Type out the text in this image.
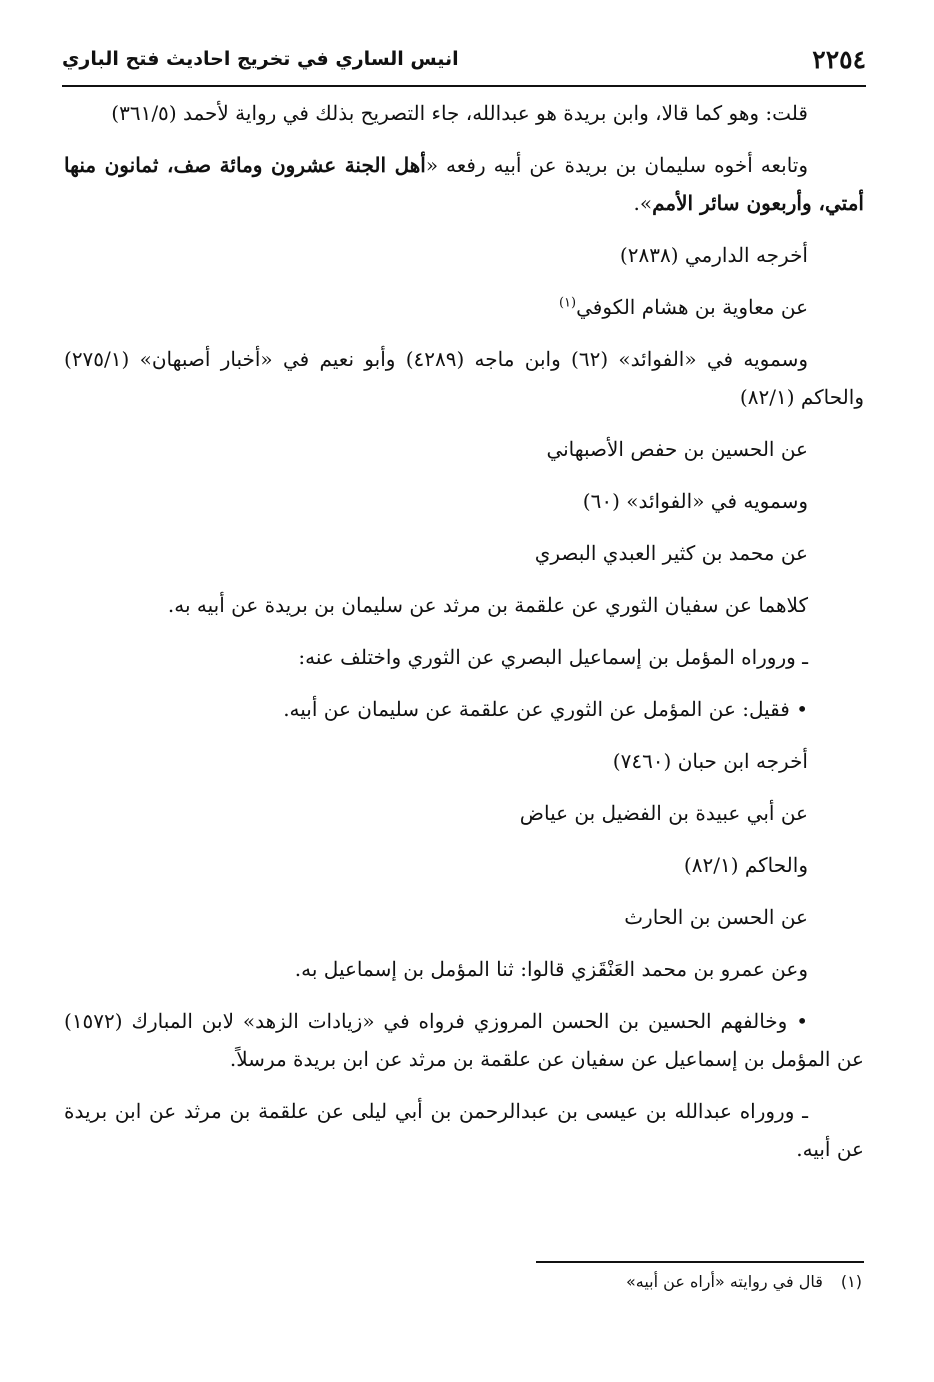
٢٢٥٤
انيس الساري في تخريج احاديث فتح الباري

قلت: وهو كما قالا، وابن بريدة هو عبدالله، جاء التصريح بذلك في رواية لأحمد (٣٦١/٥)

وتابعه أخوه سليمان بن بريدة عن أبيه رفعه «أهل الجنة عشرون ومائة صف، ثمانون منها أمتي، وأربعون سائر الأمم».

أخرجه الدارمي (٢٨٣٨)

عن معاوية بن هشام الكوفي$^{(١)}$

وسمويه في «الفوائد» (٦٢) وابن ماجه (٤٢٨٩) وأبو نعيم في «أخبار أصبهان» (٢٧٥/١) والحاكم (٨٢/١)

عن الحسين بن حفص الأصبهاني

وسمويه في «الفوائد» (٦٠)

عن محمد بن كثير العبدي البصري

كلاهما عن سفيان الثوري عن علقمة بن مرثد عن سليمان بن بريدة عن أبيه به.

ـ وروراه المؤمل بن إسماعيل البصري عن الثوري واختلف عنه:

• فقيل: عن المؤمل عن الثوري عن علقمة عن سليمان عن أبيه.

أخرجه ابن حبان (٧٤٦٠)

عن أبي عبيدة بن الفضيل بن عياض

والحاكم (٨٢/١)

عن الحسن بن الحارث

وعن عمرو بن محمد العَنْقَزي قالوا: ثنا المؤمل بن إسماعيل به.

• وخالفهم الحسين بن الحسن المروزي فرواه في «زيادات الزهد» لابن المبارك (١٥٧٢) عن المؤمل بن إسماعيل عن سفيان عن علقمة بن مرثد عن ابن بريدة مرسلاً.

ـ وروراه عبدالله بن عيسى بن عبدالرحمن بن أبي ليلى عن علقمة بن مرثد عن ابن بريدة عن أبيه.

(١)قال في روايته «أراه عن أبيه»
